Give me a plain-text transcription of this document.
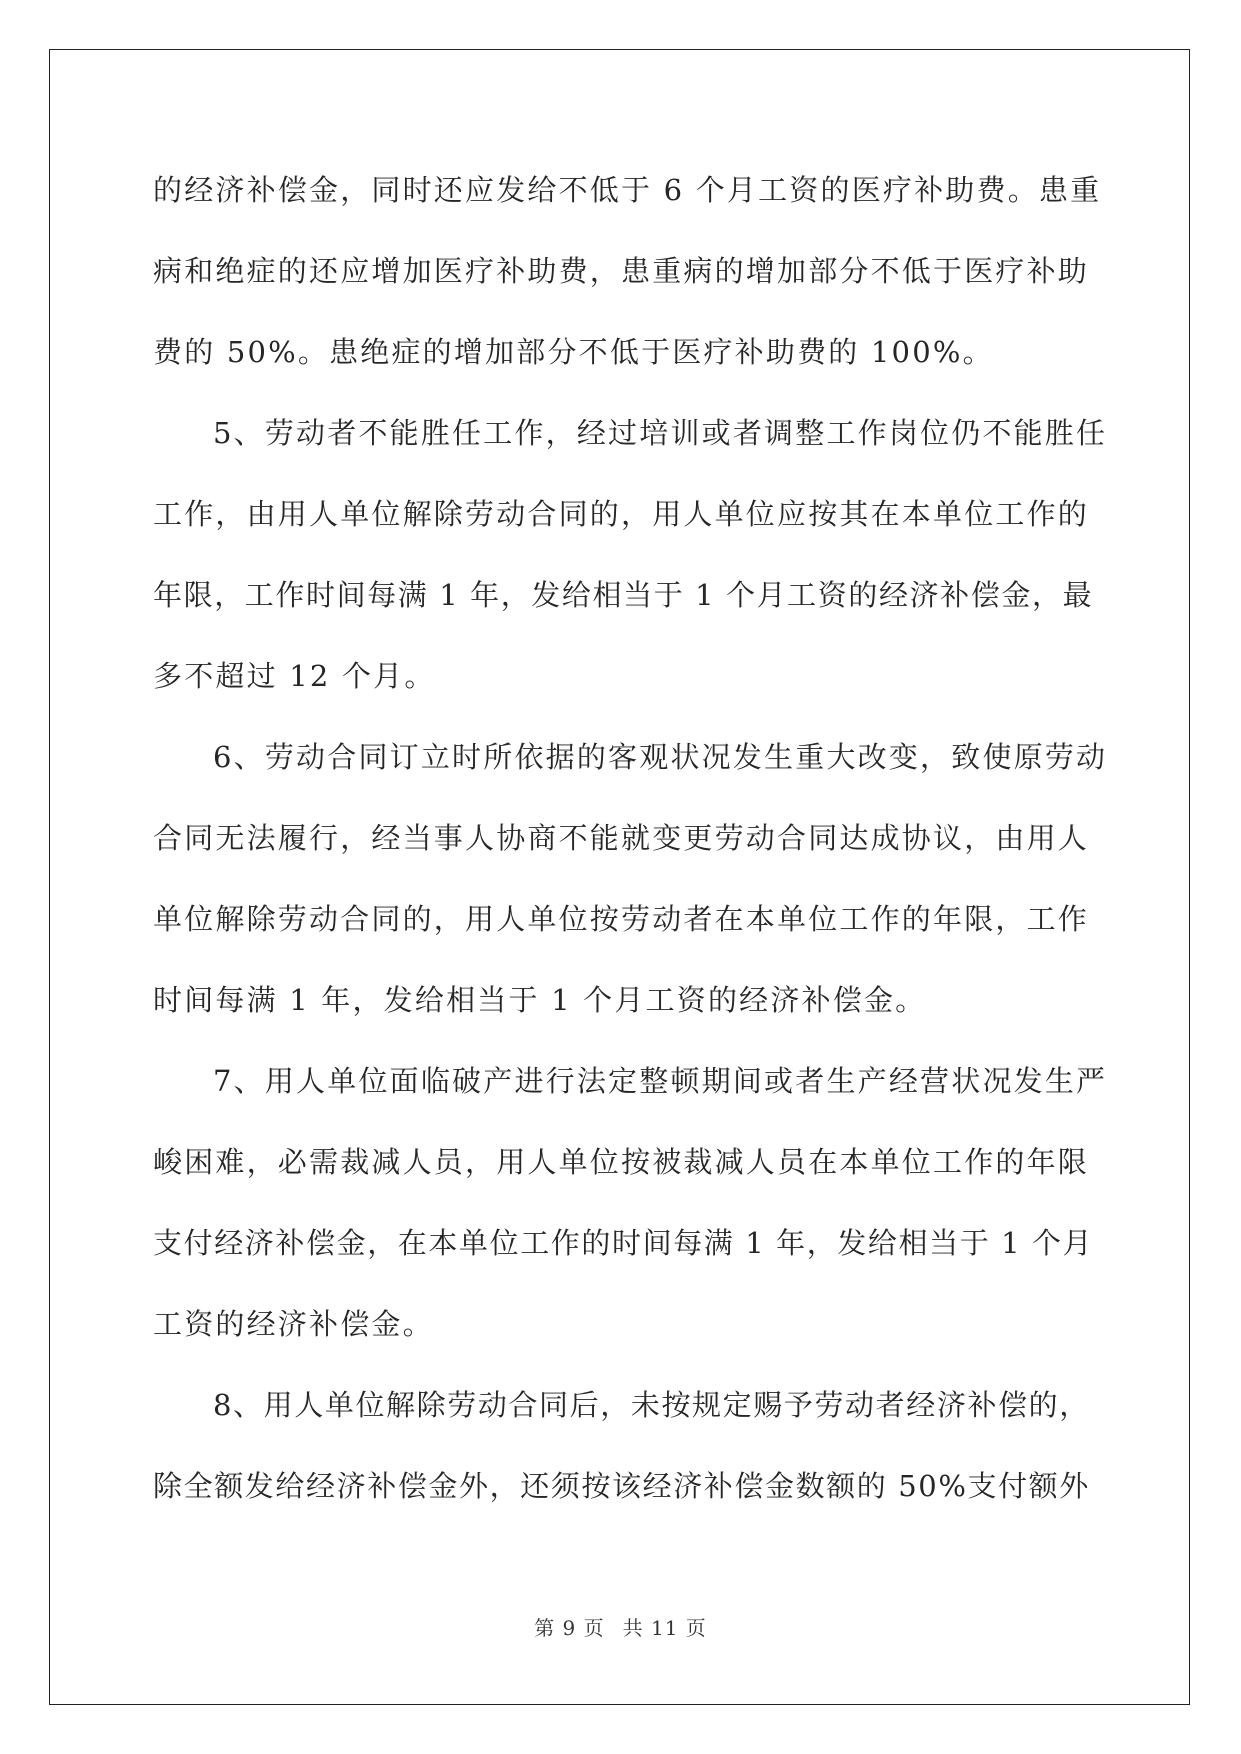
的经济补偿金，同时还应发给不低于 6 个月工资的医疗补助费。患重
病和绝症的还应增加医疗补助费，患重病的增加部分不低于医疗补助
费的 50%。患绝症的增加部分不低于医疗补助费的 100%。
5、劳动者不能胜任工作，经过培训或者调整工作岗位仍不能胜任
工作，由用人单位解除劳动合同的，用人单位应按其在本单位工作的
年限，工作时间每满 1 年，发给相当于 1 个月工资的经济补偿金，最
多不超过 12 个月。
6、劳动合同订立时所依据的客观状况发生重大改变，致使原劳动
合同无法履行，经当事人协商不能就变更劳动合同达成协议，由用人
单位解除劳动合同的，用人单位按劳动者在本单位工作的年限，工作
时间每满 1 年，发给相当于 1 个月工资的经济补偿金。
7、用人单位面临破产进行法定整顿期间或者生产经营状况发生严
峻困难，必需裁减人员，用人单位按被裁减人员在本单位工作的年限
支付经济补偿金，在本单位工作的时间每满 1 年，发给相当于 1 个月
工资的经济补偿金。
8、用人单位解除劳动合同后，未按规定赐予劳动者经济补偿的，
除全额发给经济补偿金外，还须按该经济补偿金数额的 50%支付额外
第 9 页 共 11 页
